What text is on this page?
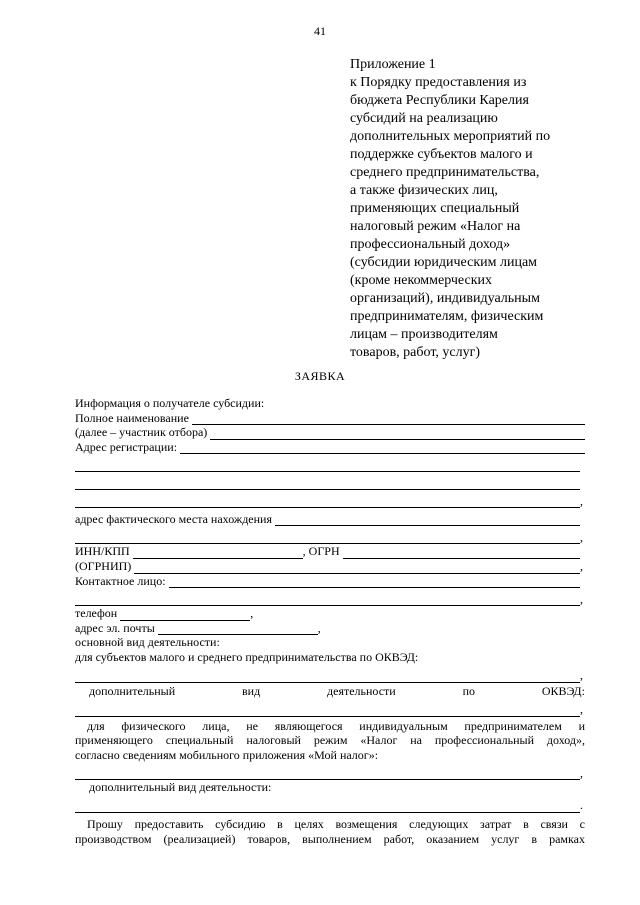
41
Приложение 1
к Порядку предоставления из
бюджета Республики Карелия
субсидий на реализацию
дополнительных мероприятий по
поддержке субъектов малого и
среднего предпринимательства,
а также физических лиц,
применяющих специальный
налоговый режим «Налог на
профессиональный доход»
(субсидии юридическим лицам
(кроме некоммерческих
организаций), индивидуальным
предпринимателям, физическим
лицам – производителям
товаров, работ, услуг)
ЗАЯВКА
Информация о получателе субсидии:
Полное наименование
(далее – участник отбора)
Адрес регистрации:
,
адрес фактического места нахождения
,
ИНН/КПП	, ОГРН
(ОГРНИП)	,
Контактное лицо:
,
телефон	,
адрес эл. почты	,
основной вид деятельности:
для субъектов малого и среднего предпринимательства по ОКВЭД:
,
дополнительный	вид	деятельности	по	ОКВЭД:
,

для физического лица, не являющегося индивидуальным предпринимателем и

применяющего специальный налоговый режим «Налог на профессиональный доход»,

согласно сведениям мобильного приложения «Мой налог»:

,
дополнительный вид деятельности:
.

Прошу предоставить субсидию в целях возмещения следующих затрат в связи с

производством (реализацией) товаров, выполнением работ, оказанием услуг в рамках
